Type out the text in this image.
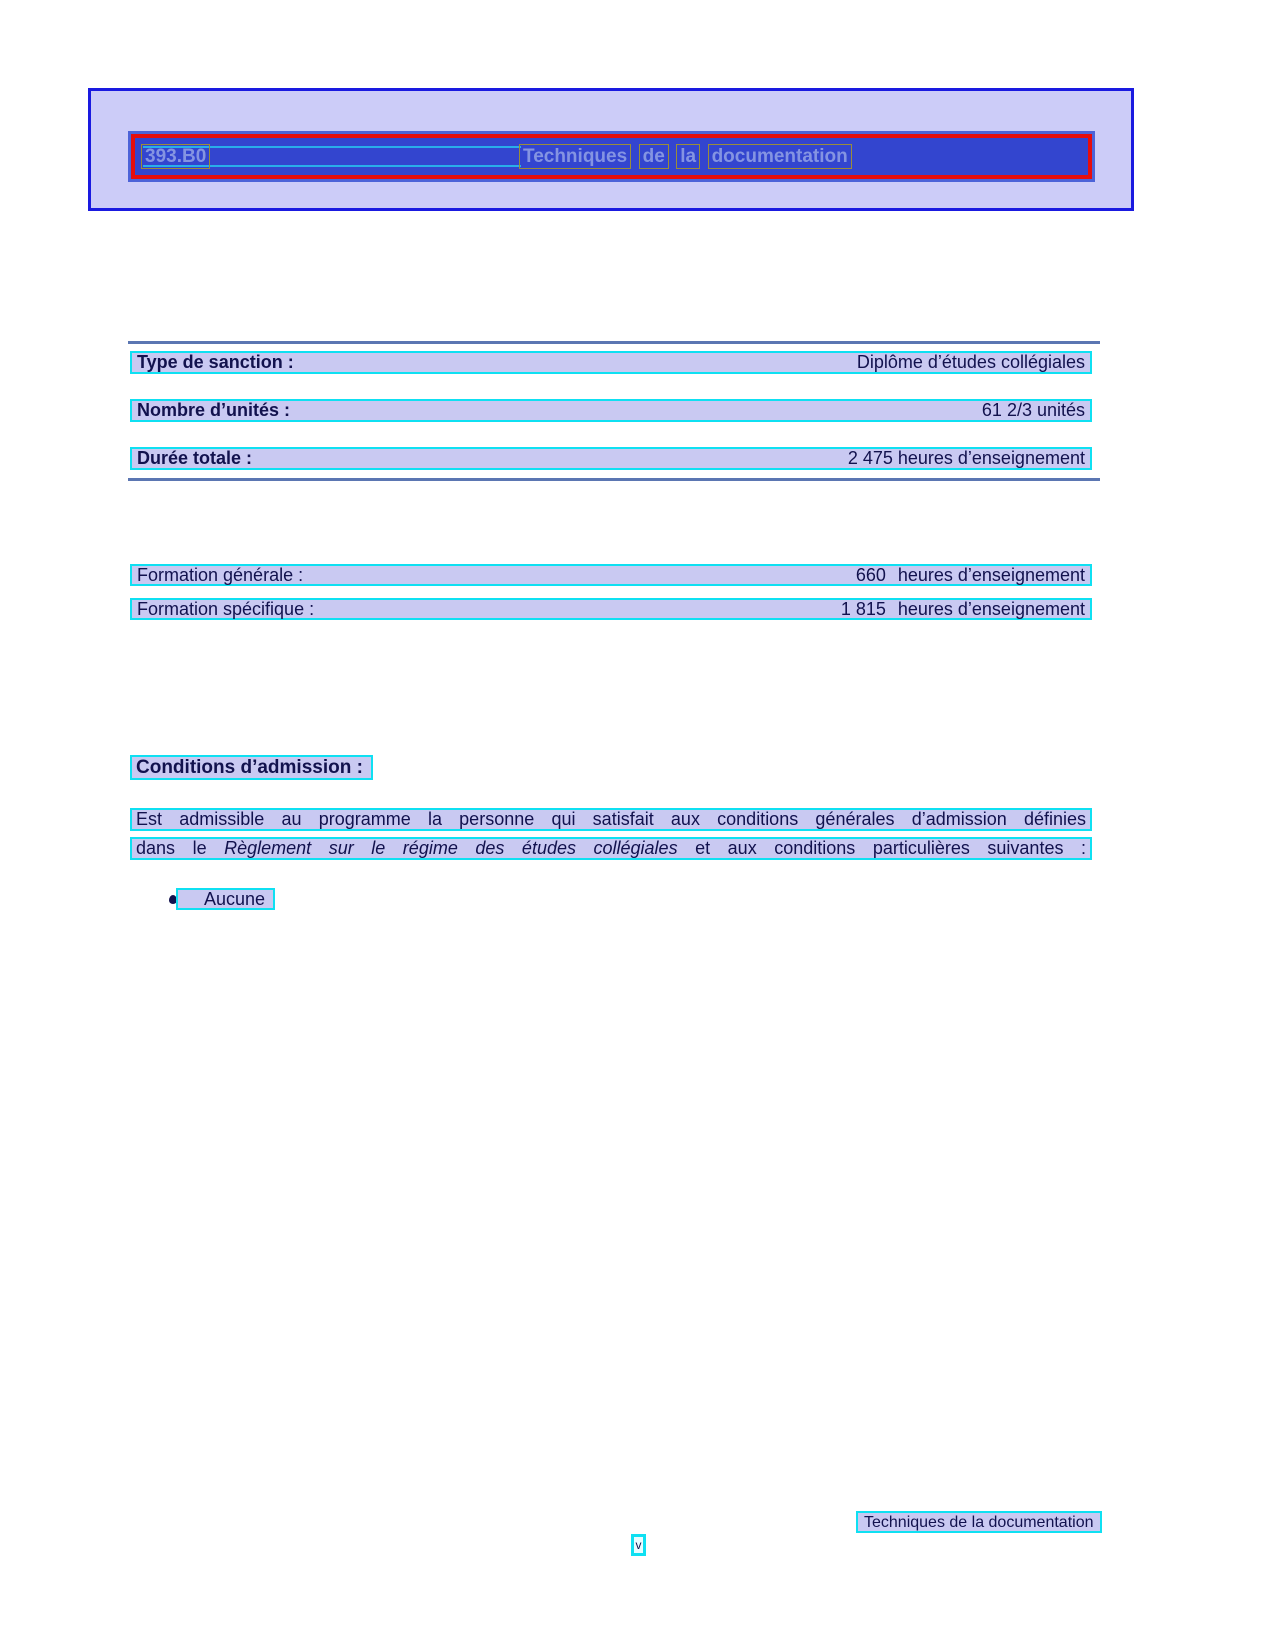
393.B0	Techniques de la documentation
Type de sanction :	Diplôme d’études collégiales
Nombre d’unités :	61 2/3 unités
Durée totale :	2 475 heures d’enseignement
Formation générale :	660 heures d’enseignement
Formation spécifique :	1 815 heures d’enseignement
Conditions d’admission :
Est admissible au programme la personne qui satisfait aux conditions générales d’admission définies
dans le Règlement sur le régime des études collégiales et aux conditions particulières suivantes :
Aucune
Techniques de la documentation
v
